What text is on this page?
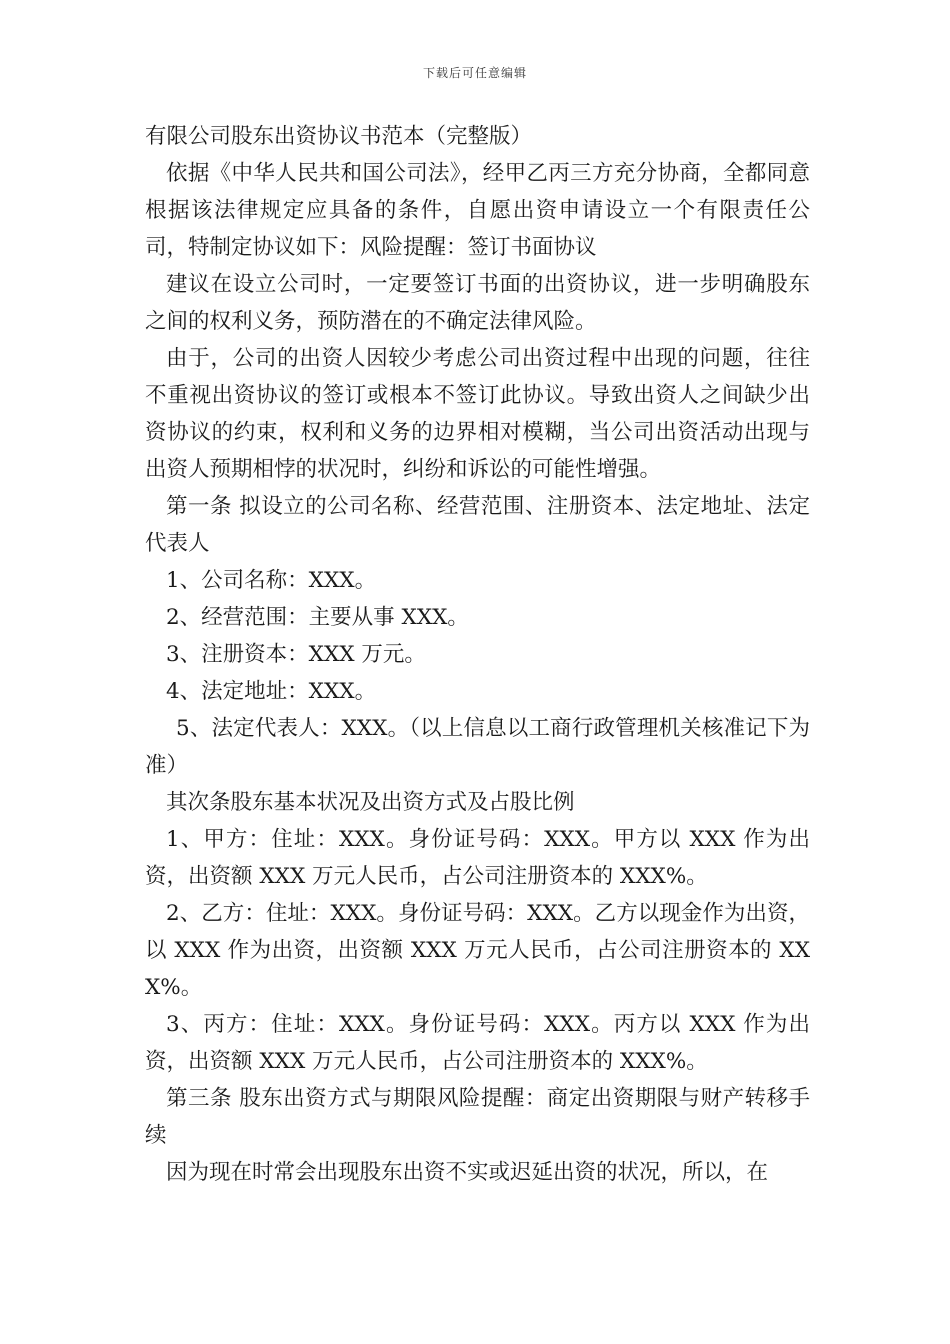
下载后可任意编辑

有限公司股东出资协议书范本（完整版）

依据《中华人民共和国公司法》，经甲乙丙三方充分协商，全都同意根据该法律规定应具备的条件，自愿出资申请设立一个有限责任公司，特制定协议如下：风险提醒：签订书面协议

建议在设立公司时，一定要签订书面的出资协议，进一步明确股东之间的权利义务，预防潜在的不确定法律风险。

由于，公司的出资人因较少考虑公司出资过程中出现的问题，往往不重视出资协议的签订或根本不签订此协议。导致出资人之间缺少出资协议的约束，权利和义务的边界相对模糊，当公司出资活动出现与出资人预期相悖的状况时，纠纷和诉讼的可能性增强。

第一条 拟设立的公司名称、经营范围、注册资本、法定地址、法定代表人

1、公司名称：XXX。

2、经营范围：主要从事 XXX。

3、注册资本：XXX 万元。

4、法定地址：XXX。

5、法定代表人：XXX。（以上信息以工商行政管理机关核准记下为准）

其次条股东基本状况及出资方式及占股比例

1、甲方：住址：XXX。身份证号码：XXX。甲方以 XXX 作为出资，出资额 XXX 万元人民币，占公司注册资本的 XXX%。

2、乙方：住址：XXX。身份证号码：XXX。乙方以现金作为出资，以 XXX 作为出资，出资额 XXX 万元人民币，占公司注册资本的 XXX%。

3、丙方：住址：XXX。身份证号码：XXX。丙方以 XXX 作为出资，出资额 XXX 万元人民币，占公司注册资本的 XXX%。

第三条 股东出资方式与期限风险提醒：商定出资期限与财产转移手续

因为现在时常会出现股东出资不实或迟延出资的状况，所以，在
